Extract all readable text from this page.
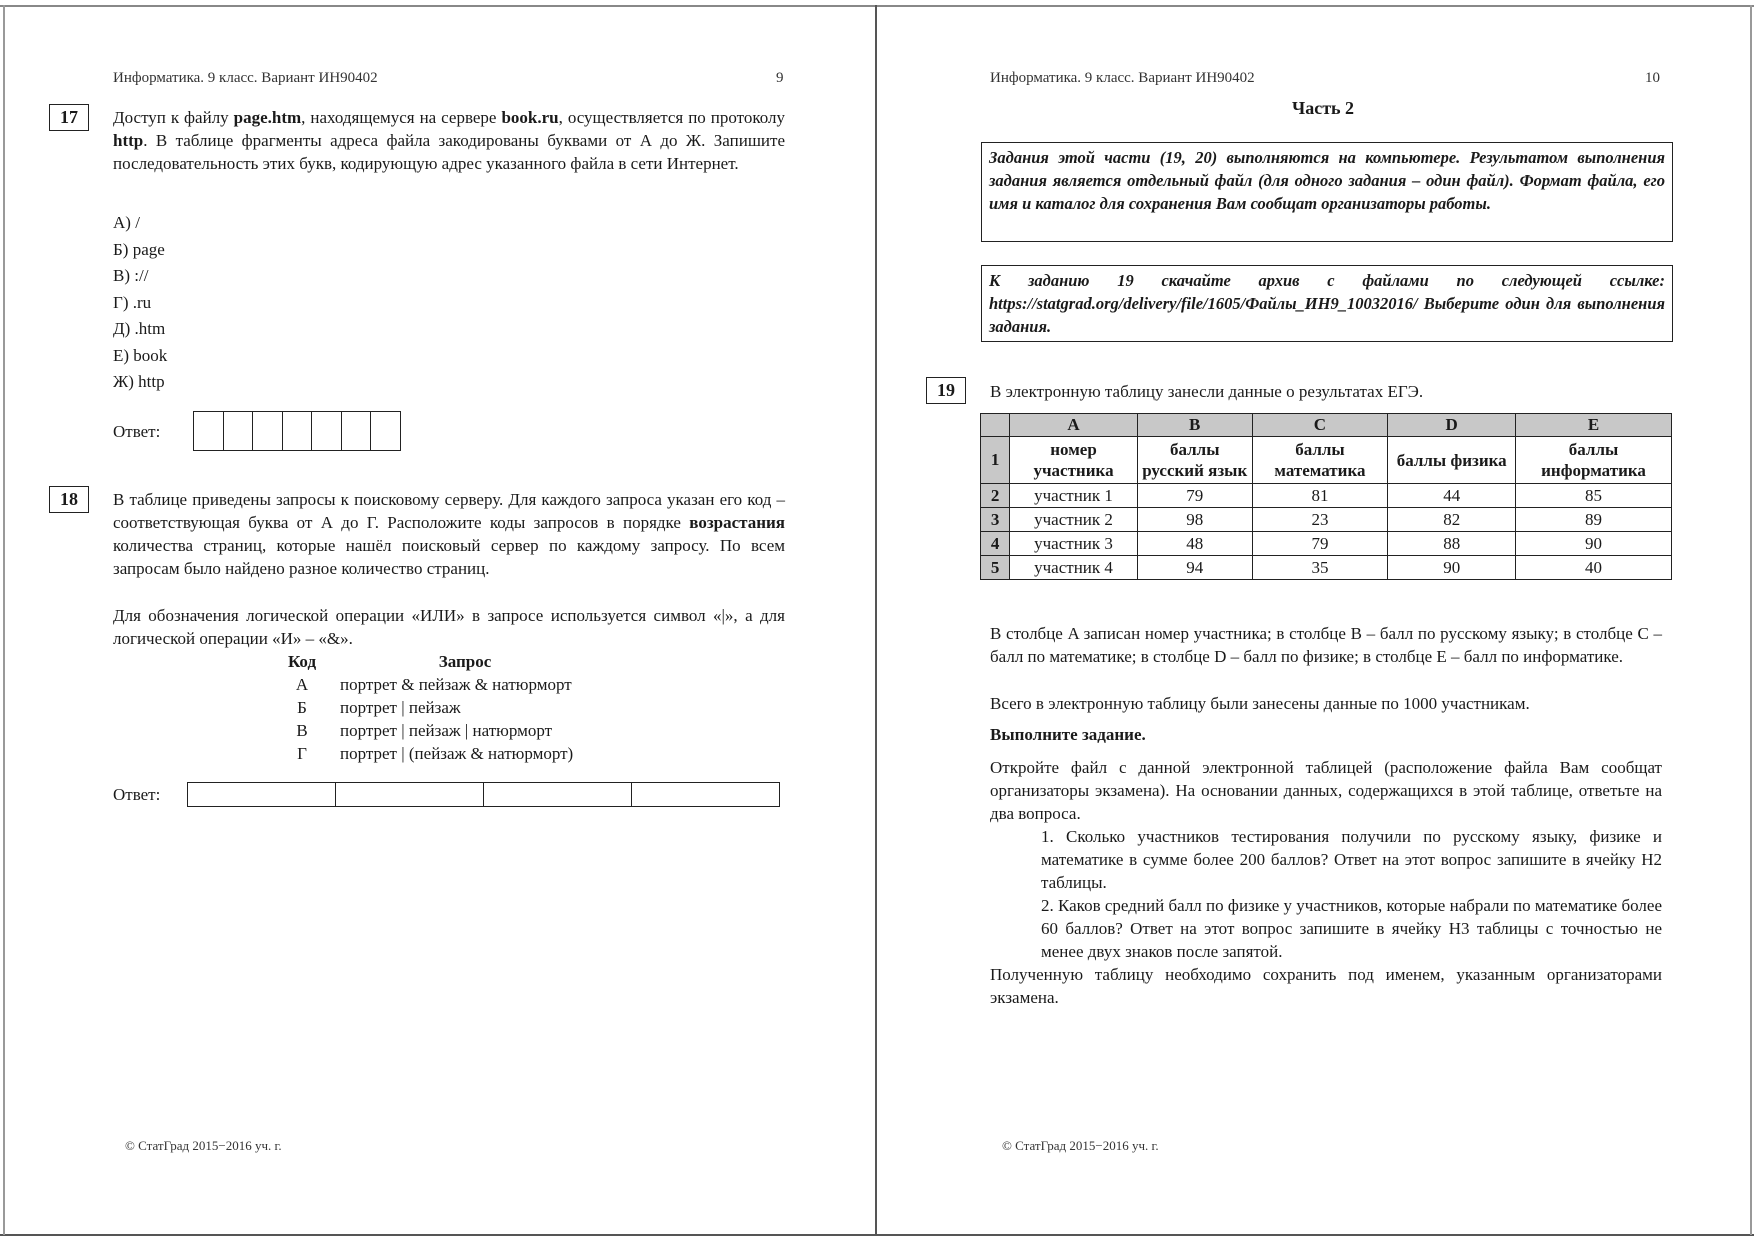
Информатика. 9 класс. Вариант ИН90402	9
17	Доступ к файлу page.htm, находящемуся на сервере book.ru, осуществляется по протоколу http. В таблице фрагменты адреса файла закодированы буквами от А до Ж. Запишите последовательность этих букв, кодирующую адрес указанного файла в сети Интернет.
А) /
Б) page
В) ://
Г) .ru
Д) .htm
Е) book
Ж) http
Ответ:
18	В таблице приведены запросы к поисковому серверу. Для каждого запроса указан его код – соответствующая буква от А до Г. Расположите коды запросов в порядке возрастания количества страниц, которые нашёл поисковый сервер по каждому запросу. По всем запросам было найдено разное количество страниц.
Для обозначения логической операции «ИЛИ» в запросе используется символ «|», а для логической операции «И» – «&».
Код	Запрос
А	портрет & пейзаж & натюрморт
Б	портрет | пейзаж
В	портрет | пейзаж | натюрморт
Г	портрет | (пейзаж & натюрморт)
Ответ:
© СтатГрад 2015−2016 уч. г.
Информатика. 9 класс. Вариант ИН90402	10
Часть 2
Задания этой части (19, 20) выполняются на компьютере. Результатом выполнения задания является отдельный файл (для одного задания – один файл). Формат файла, его имя и каталог для сохранения Вам сообщат организаторы работы.
К заданию 19 скачайте архив с файлами по следующей ссылке: https://statgrad.org/delivery/file/1605/Файлы_ИН9_10032016/ Выберите один для выполнения задания.
19	В электронную таблицу занесли данные о результатах ЕГЭ.
	A	B	C	D	E
1	номер участника	баллы русский язык	баллы математика	баллы физика	баллы информатика
2	участник 1	79	81	44	85
3	участник 2	98	23	82	89
4	участник 3	48	79	88	90
5	участник 4	94	35	90	40
В столбце A записан номер участника; в столбце B – балл по русскому языку; в столбце C – балл по математике; в столбце D – балл по физике; в столбце E – балл по информатике.
Всего в электронную таблицу были занесены данные по 1000 участникам.
Выполните задание.
Откройте файл с данной электронной таблицей (расположение файла Вам сообщат организаторы экзамена). На основании данных, содержащихся в этой таблице, ответьте на два вопроса.
1. Сколько участников тестирования получили по русскому языку, физике и математике в сумме более 200 баллов? Ответ на этот вопрос запишите в ячейку H2 таблицы.
2. Каков средний балл по физике у участников, которые набрали по математике более 60 баллов? Ответ на этот вопрос запишите в ячейку H3 таблицы с точностью не менее двух знаков после запятой.
Полученную таблицу необходимо сохранить под именем, указанным организаторами экзамена.
© СтатГрад 2015−2016 уч. г.
